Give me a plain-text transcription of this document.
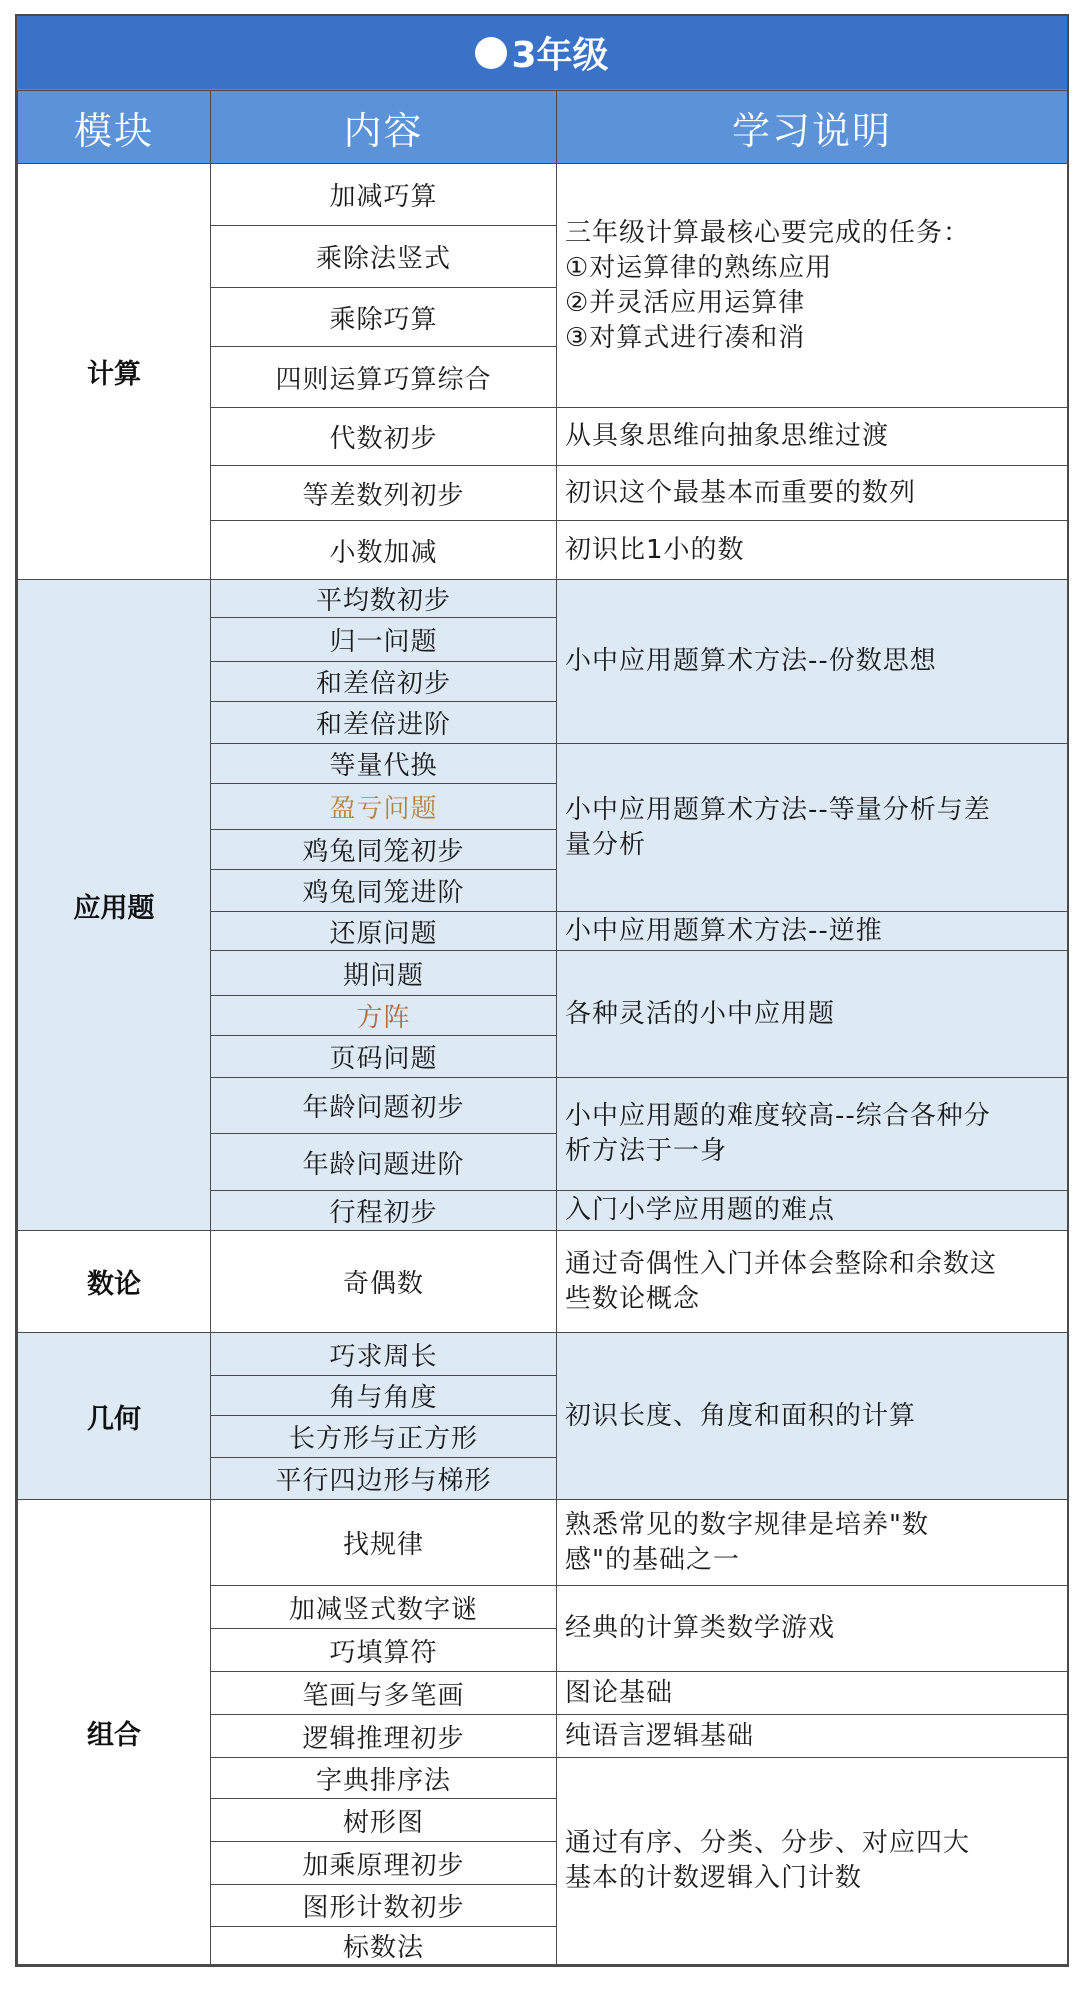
3年级
模块	内容	学习说明
计算	加减巧算	三年级计算最核心要完成的任务：
①对运算律的熟练应用
②并灵活应用运算律
③对算式进行凑和消
	乘除法竖式	
	乘除巧算	
	四则运算巧算综合	
	代数初步	从具象思维向抽象思维过渡
	等差数列初步	初识这个最基本而重要的数列
	小数加减	初识比1小的数
应用题	平均数初步	小中应用题算术方法--份数思想
	归一问题	
	和差倍初步	
	和差倍进阶	
	等量代换	小中应用题算术方法--等量分析与差
量分析
	盈亏问题	
	鸡兔同笼初步	
	鸡兔同笼进阶	
	还原问题	小中应用题算术方法--逆推
	期问题	各种灵活的小中应用题
	方阵	
	页码问题	
	年龄问题初步	小中应用题的难度较高--综合各种分
析方法于一身
	年龄问题进阶	
	行程初步	入门小学应用题的难点
数论	奇偶数	通过奇偶性入门并体会整除和余数这
些数论概念
几何	巧求周长	初识长度、角度和面积的计算
	角与角度	
	长方形与正方形	
	平行四边形与梯形	
组合	找规律	熟悉常见的数字规律是培养"数
感"的基础之一
	加减竖式数字谜	经典的计算类数学游戏
	巧填算符	
	笔画与多笔画	图论基础
	逻辑推理初步	纯语言逻辑基础
	字典排序法	通过有序、分类、分步、对应四大
基本的计数逻辑入门计数
	树形图	
	加乘原理初步	
	图形计数初步	
	标数法	
